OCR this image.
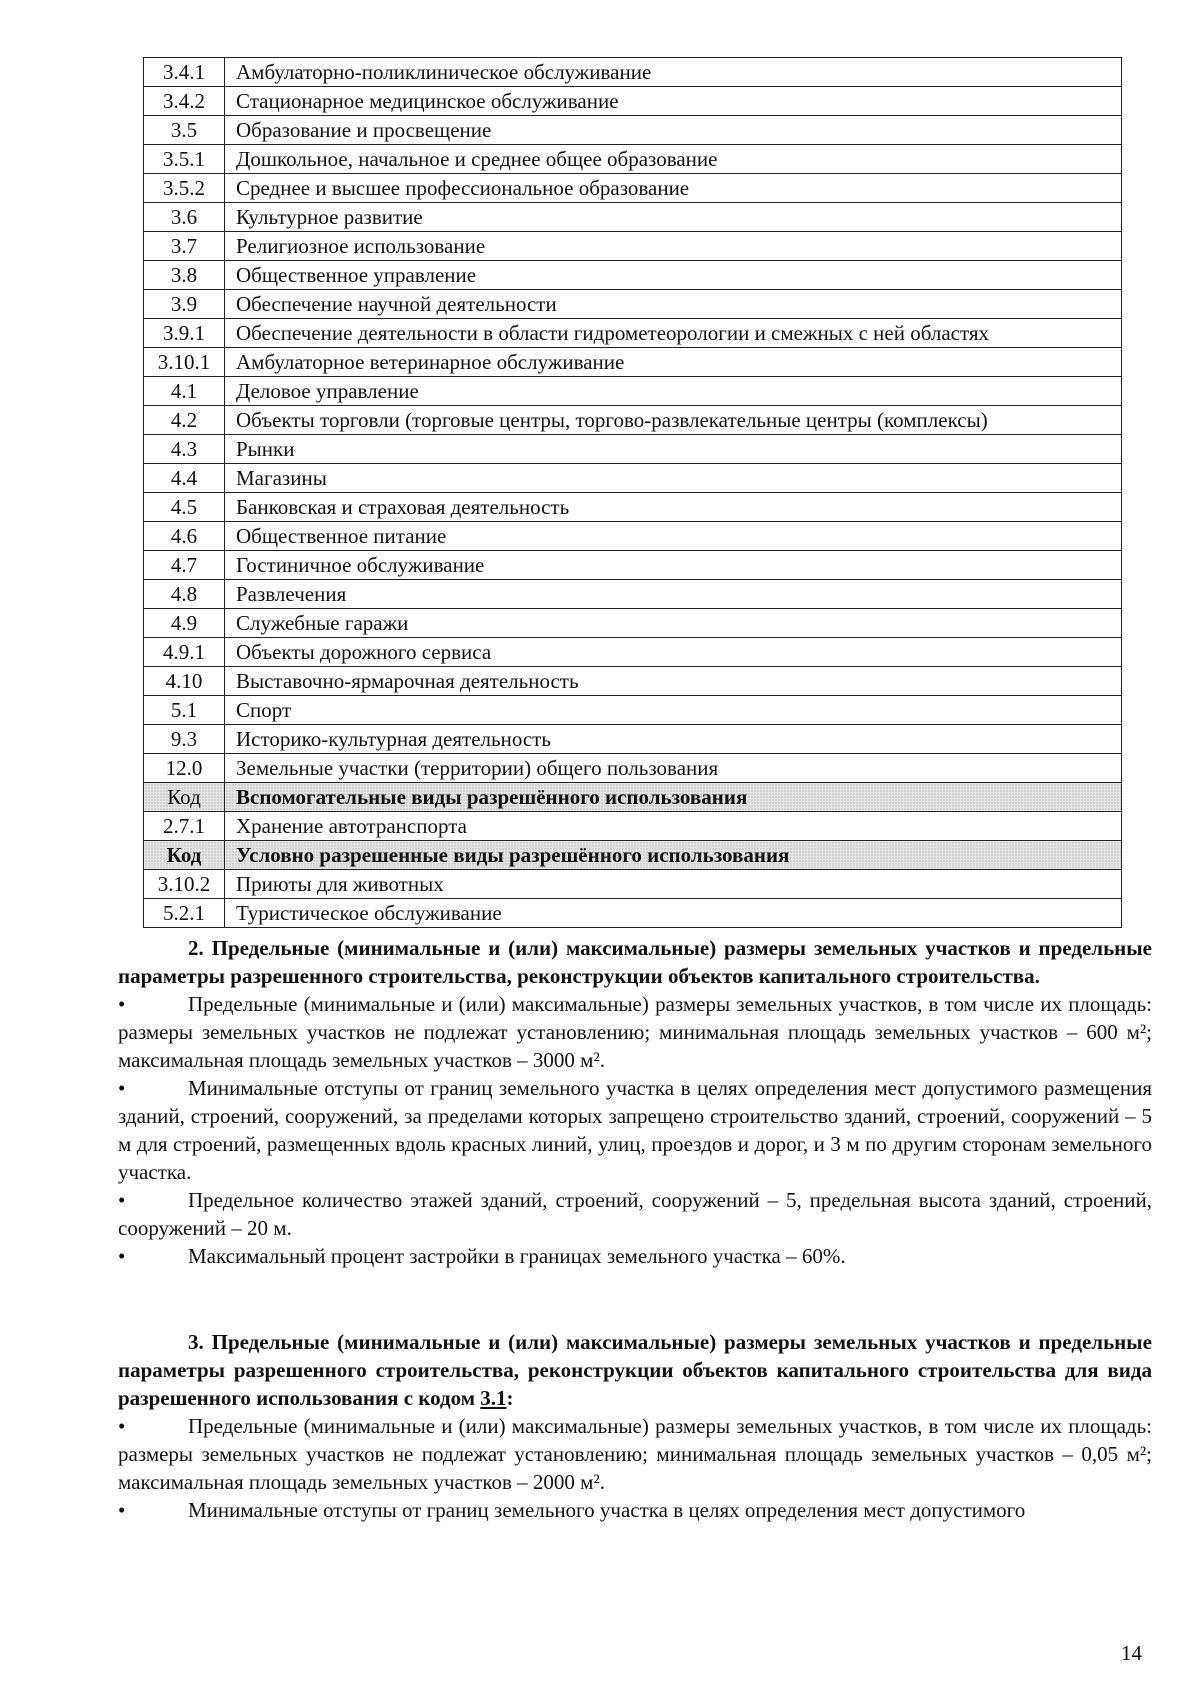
3.4.1	Амбулаторно-поликлиническое обслуживание
3.4.2	Стационарное медицинское обслуживание
3.5	Образование и просвещение
3.5.1	Дошкольное, начальное и среднее общее образование
3.5.2	Среднее и высшее профессиональное образование
3.6	Культурное развитие
3.7	Религиозное использование
3.8	Общественное управление
3.9	Обеспечение научной деятельности
3.9.1	Обеспечение деятельности в области гидрометеорологии и смежных с ней областях
3.10.1	Амбулаторное ветеринарное обслуживание
4.1	Деловое управление
4.2	Объекты торговли (торговые центры, торгово-развлекательные центры (комплексы)
4.3	Рынки
4.4	Магазины
4.5	Банковская и страховая деятельность
4.6	Общественное питание
4.7	Гостиничное обслуживание
4.8	Развлечения
4.9	Служебные гаражи
4.9.1	Объекты дорожного сервиса
4.10	Выставочно-ярмарочная деятельность
5.1	Спорт
9.3	Историко-культурная деятельность
12.0	Земельные участки (территории) общего пользования
Код	Вспомогательные виды разрешённого использования
2.7.1	Хранение автотранспорта
Код	Условно разрешенные виды разрешённого использования
3.10.2	Приюты для животных
5.2.1	Туристическое обслуживание

2. Предельные (минимальные и (или) максимальные) размеры земельных участков и предельные параметры разрешенного строительства, реконструкции объектов капитального строительства.

•	Предельные (минимальные и (или) максимальные) размеры земельных участков, в том числе их площадь: размеры земельных участков не подлежат установлению; минимальная площадь земельных участков – 600 м²; максимальная площадь земельных участков – 3000 м².

•	Минимальные отступы от границ земельного участка в целях определения мест допустимого размещения зданий, строений, сооружений, за пределами которых запрещено строительство зданий, строений, сооружений – 5 м для строений, размещенных вдоль красных линий, улиц, проездов и дорог, и 3 м по другим сторонам земельного участка.

•	Предельное количество этажей зданий, строений, сооружений – 5, предельная высота зданий, строений, сооружений – 20 м.

•	Максимальный процент застройки в границах земельного участка – 60%.

3. Предельные (минимальные и (или) максимальные) размеры земельных участков и предельные параметры разрешенного строительства, реконструкции объектов капитального строительства для вида разрешенного использования с кодом 3.1:

•	Предельные (минимальные и (или) максимальные) размеры земельных участков, в том числе их площадь: размеры земельных участков не подлежат установлению; минимальная площадь земельных участков – 0,05 м²; максимальная площадь земельных участков – 2000 м².

•	Минимальные отступы от границ земельного участка в целях определения мест допустимого

14
